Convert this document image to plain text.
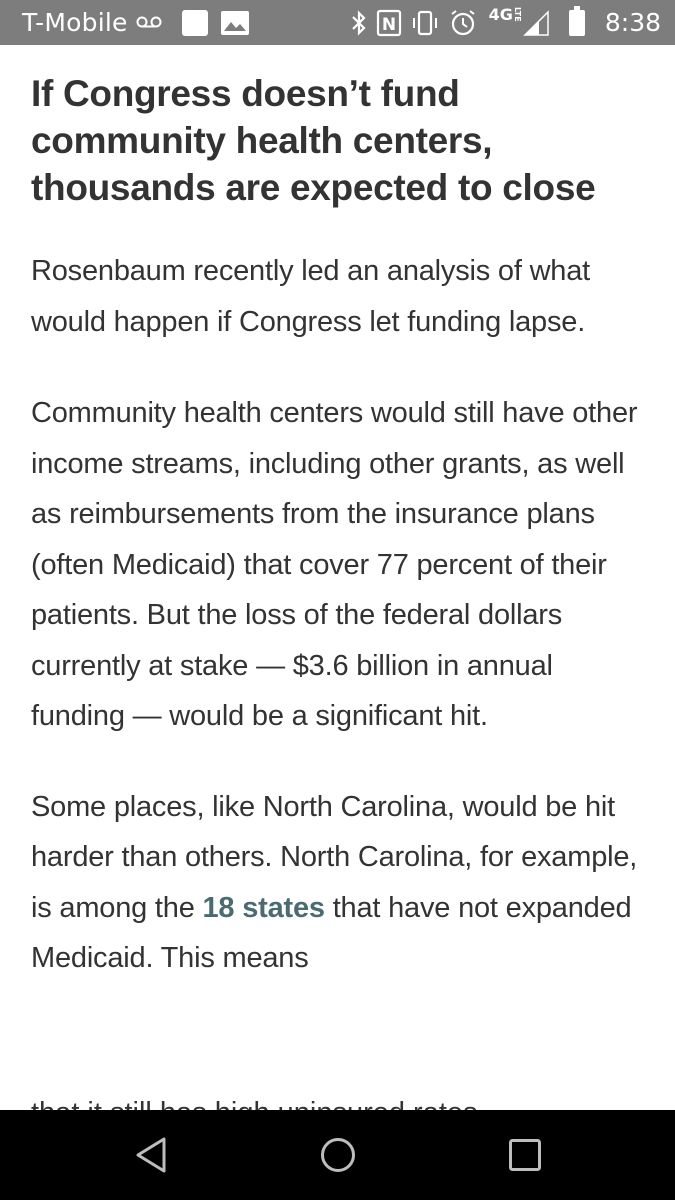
T-Mobile	N	4G LTE	8:38
If Congress doesn’t fund community health centers, thousands are expected to close

Rosenbaum recently led an analysis of what would happen if Congress let funding lapse.

Community health centers would still have other income streams, including other grants, as well as reimbursements from the insurance plans (often Medicaid) that cover 77 percent of their patients. But the loss of the federal dollars currently at stake — $3.6 billion in annual funding — would be a significant hit.

Some places, like North Carolina, would be hit harder than others. North Carolina, for example, is among the 18 states that have not expanded Medicaid. This means
